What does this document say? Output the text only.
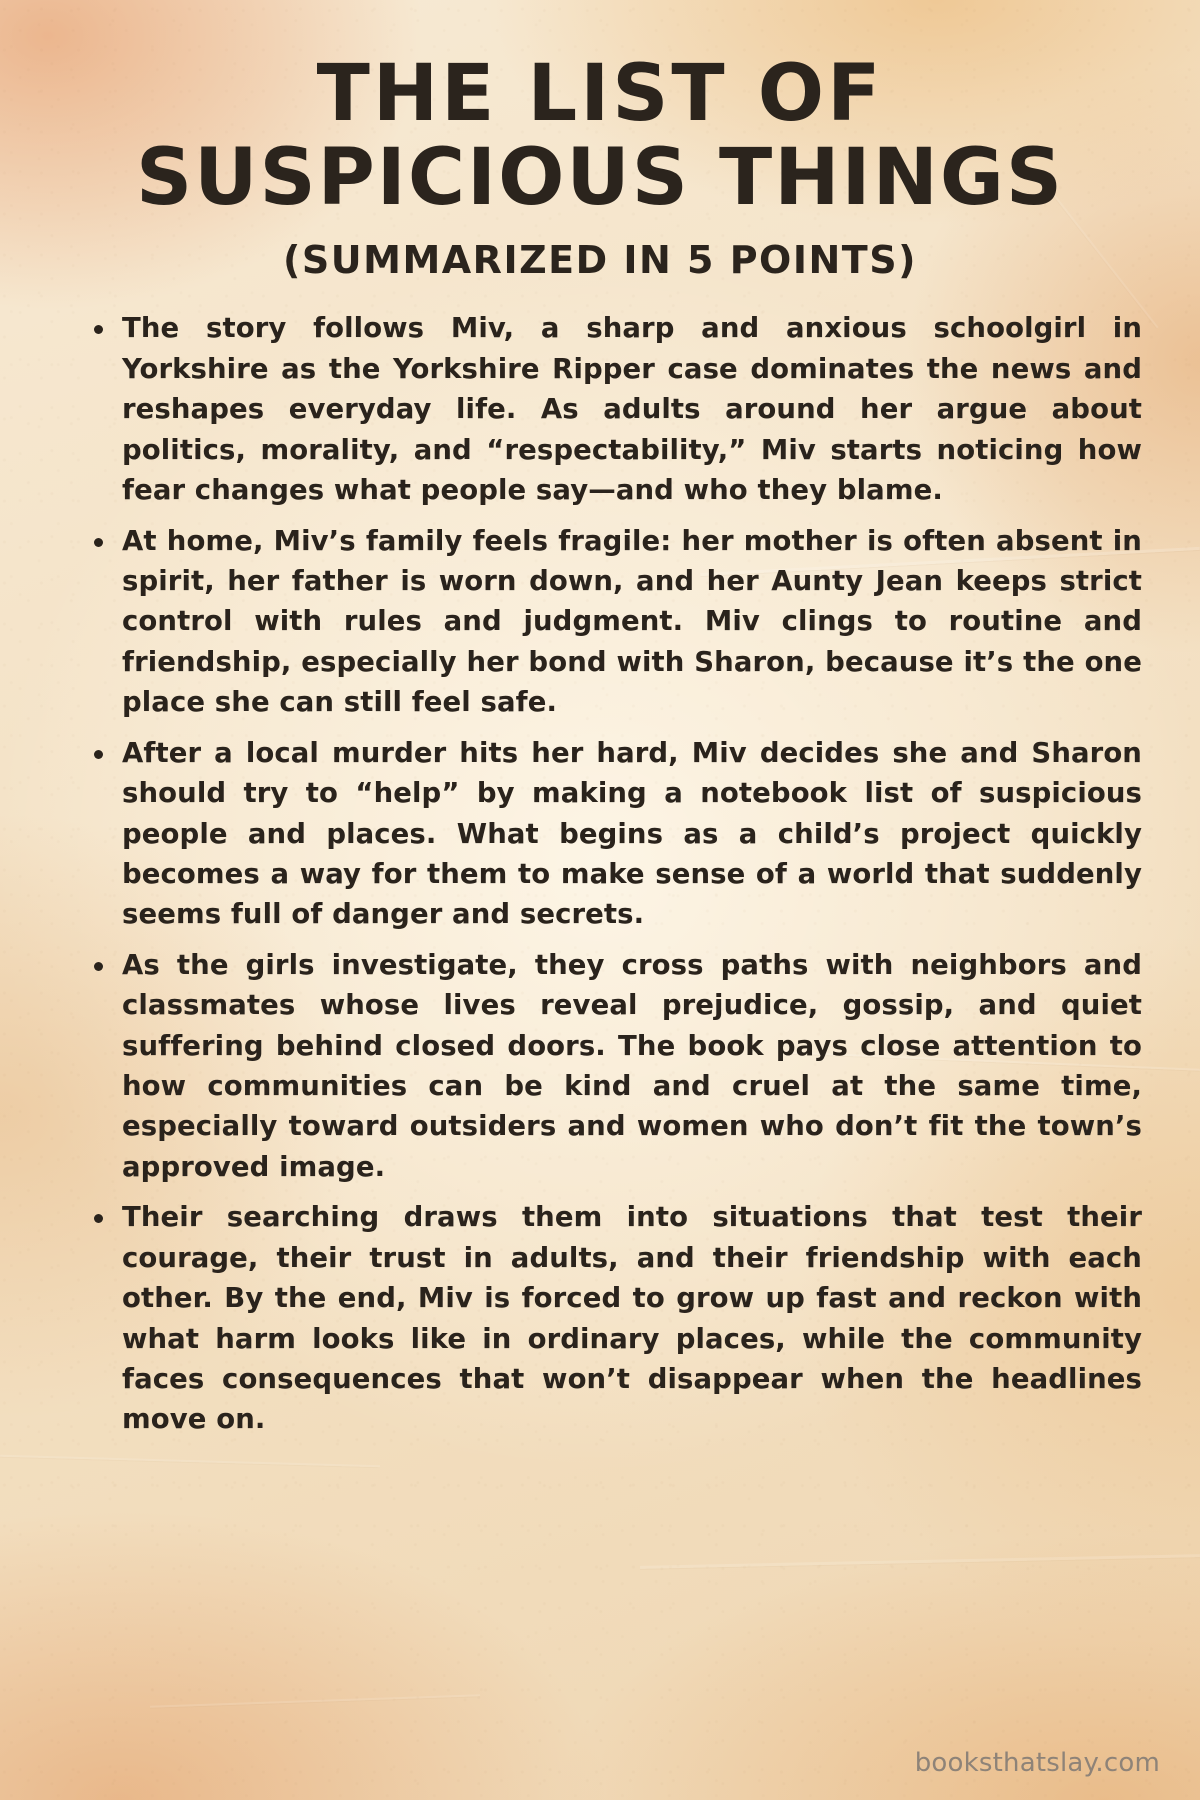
THE LIST OF
SUSPICIOUS THINGS
(SUMMARIZED IN 5 POINTS)
The story follows Miv, a sharp and anxious schoolgirl in Yorkshire as the Yorkshire Ripper case dominates the news and reshapes everyday life. As adults around her argue about politics, morality, and “respectability,” Miv starts noticing how fear changes what people say—and who they blame.
At home, Miv’s family feels fragile: her mother is often absent in spirit, her father is worn down, and her Aunty Jean keeps strict control with rules and judgment. Miv clings to routine and friendship, especially her bond with Sharon, because it’s the one place she can still feel safe.
After a local murder hits her hard, Miv decides she and Sharon should try to “help” by making a notebook list of suspicious people and places. What begins as a child’s project quickly becomes a way for them to make sense of a world that suddenly seems full of danger and secrets.
As the girls investigate, they cross paths with neighbors and classmates whose lives reveal prejudice, gossip, and quiet suffering behind closed doors. The book pays close attention to how communities can be kind and cruel at the same time, especially toward outsiders and women who don’t fit the town’s approved image.
Their searching draws them into situations that test their courage, their trust in adults, and their friendship with each other. By the end, Miv is forced to grow up fast and reckon with what harm looks like in ordinary places, while the community faces consequences that won’t disappear when the headlines move on.
booksthatslay.com
